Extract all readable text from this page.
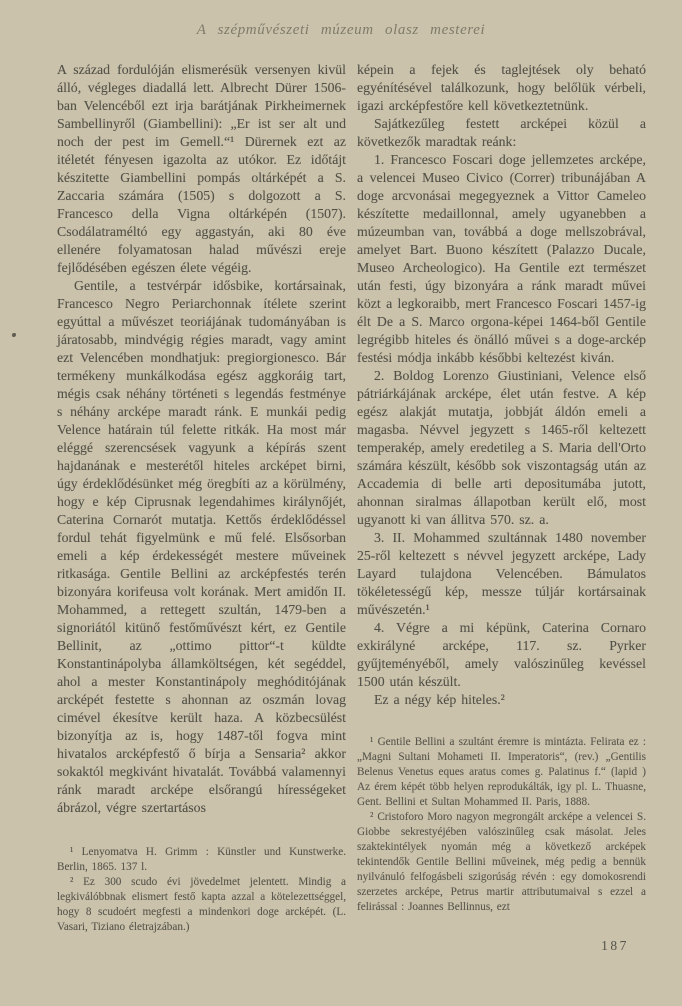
A szépművészeti múzeum olasz mesterei

A század fordulóján elismerésük versenyen kivül álló, végleges diadallá lett. Albrecht Dürer 1506-ban Velencéből ezt irja barátjának Pirkheimernek Sambellinyről (Giambellini): „Er ist ser alt und noch der pest im Gemell.“¹ Dürernek ezt az itéletét fényesen igazolta az utókor. Ez időtájt készitette Giambellini pompás oltárképét a S. Zaccaria számára (1505) s dolgozott a S. Francesco della Vigna oltárképén (1507). Csodálatraméltó egy aggastyán, aki 80 éve ellenére folyamatosan halad művészi ereje fejlődésében egészen élete végéig.

Gentile, a testvérpár idősbike, kortársainak, Francesco Negro Periarchonnak ítélete szerint egyúttal a művészet teoriájának tudományában is járatosabb, mindvégig régies maradt, vagy amint ezt Velencében mondhatjuk: pregiorgionesco. Bár termékeny munkálkodása egész aggkoráig tart, mégis csak néhány történeti s legendás festménye s néhány arcképe maradt ránk. E munkái pedig Velence határain túl felette ritkák. Ha most már eléggé szerencsések vagyunk a képírás szent hajdanának e mesterétől hiteles arcképet birni, úgy érdeklődésünket még öregbíti az a körülmény, hogy e kép Ciprusnak legendahimes királynőjét, Caterina Cornarót mutatja. Kettős érdeklődéssel fordul tehát figyelmünk e mű felé. Elsősorban emeli a kép érdekességét mestere műveinek ritkasága. Gentile Bellini az arcképfestés terén bizonyára korifeusa volt korának. Mert amidőn II. Mohammed, a rettegett szultán, 1479-ben a signoriától kitünő festőművészt kért, ez Gentile Bellinit, az „ottimo pittor“-t küldte Konstantinápolyba államköltségen, két segéddel, ahol a mester Konstantinápoly meghóditójának arcképét festette s ahonnan az oszmán lovag cimével ékesítve került haza. A közbecsülést bizonyítja az is, hogy 1487-től fogva mint hivatalos arcképfestő ő bírja a Sensaria² akkor sokaktól megkivánt hivatalát. Továbbá valamennyi ránk maradt arcképe elsőrangú hírességeket ábrázol, végre szertartásos

¹ Lenyomatva H. Grimm : Künstler und Kunstwerke. Berlin, 1865. 137 l.

² Ez 300 scudo évi jövedelmet jelentett. Mindig a legkiválóbbnak elismert festő kapta azzal a kötelezettséggel, hogy 8 scudoért megfesti a mindenkori doge arcképét. (L. Vasari, Tiziano életrajzában.)

képein a fejek és taglejtések oly beható egyénítésével találkozunk, hogy belőlük vérbeli, igazi arcképfestőre kell következtetnünk.

Sajátkezűleg festett arcképei közül a következők maradtak reánk:

1. Francesco Foscari doge jellemzetes arcképe, a velencei Museo Civico (Correr) tribunájában A doge arcvonásai megegyeznek a Vittor Cameleo készítette medaillonnal, amely ugyanebben a múzeumban van, továbbá a doge mellszobrával, amelyet Bart. Buono készített (Palazzo Ducale, Museo Archeologico). Ha Gentile ezt természet után festi, úgy bizonyára a ránk maradt művei közt a legkoraibb, mert Francesco Foscari 1457-ig élt De a S. Marco orgona-képei 1464-ből Gentile legrégibb hiteles és önálló művei s a doge-arckép festési módja inkább későbbi keltezést kiván.

2. Boldog Lorenzo Giustiniani, Velence első pátriárkájának arcképe, élet után festve. A kép egész alakját mutatja, jobbját áldón emeli a magasba. Névvel jegyzett s 1465-ről keltezett temperakép, amely eredetileg a S. Maria dell'Orto számára készült, később sok viszontagság után az Accademia di belle arti depositumába jutott, ahonnan siralmas állapotban került elő, most ugyanott ki van állitva 570. sz. a.

3. II. Mohammed szultánnak 1480 november 25-ről keltezett s névvel jegyzett arcképe, Lady Layard tulajdona Velencében. Bámulatos tökéletességű kép, messze túljár kortársainak művészetén.¹

4. Végre a mi képünk, Caterina Cornaro exkirályné arcképe, 117. sz. Pyrker gyűjteményéből, amely valószinűleg kevéssel 1500 után készült.

Ez a négy kép hiteles.²

¹ Gentile Bellini a szultánt éremre is mintázta. Felirata ez : „Magni Sultani Mohameti II. Imperatoris“, (rev.) „Gentilis Belenus Venetus eques aratus comes g. Palatinus f.“ (lapid ) Az érem képét több helyen reprodukálták, igy pl. L. Thuasne, Gent. Bellini et Sultan Mohammed II. Paris, 1888.

² Cristoforo Moro nagyon megrongált arcképe a velencei S. Giobbe sekrestyéjében valószinűleg csak másolat. Jeles szaktekintélyek nyomán még a következő arcképek tekintendők Gentile Bellini műveinek, még pedig a bennük nyilvánuló felfogásbeli szigorúság révén : egy domokosrendi szerzetes arcképe, Petrus martir attributumaival s ezzel a felirással : Joannes Bellinnus, ezt

187
